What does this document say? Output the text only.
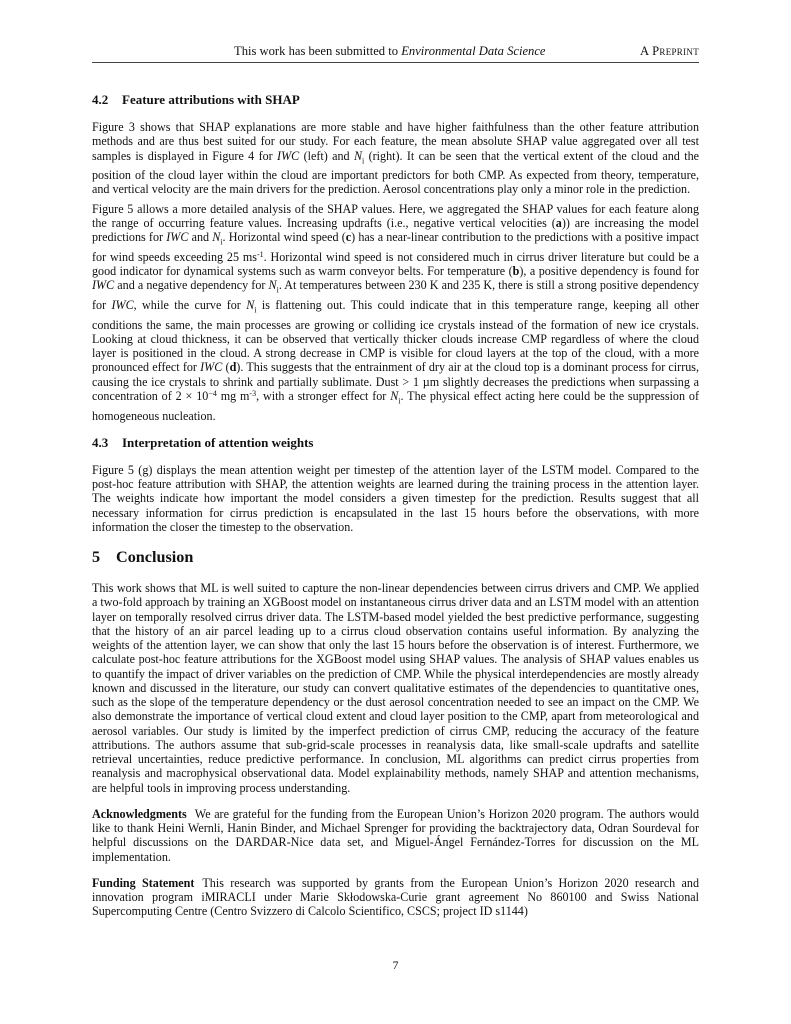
This work has been submitted to Environmental Data Science	A Preprint
4.2 Feature attributions with SHAP

Figure 3 shows that SHAP explanations are more stable and have higher faithfulness than the other feature attribution methods and are thus best suited for our study. For each feature, the mean absolute SHAP value aggregated over all test samples is displayed in Figure 4 for IWC (left) and $N_i$ (right). It can be seen that the vertical extent of the cloud and the position of the cloud layer within the cloud are important predictors for both CMP. As expected from theory, temperature, and vertical velocity are the main drivers for the prediction. Aerosol concentrations play only a minor role in the prediction.

Figure 5 allows a more detailed analysis of the SHAP values. Here, we aggregated the SHAP values for each feature along the range of occurring feature values. Increasing updrafts (i.e., negative vertical velocities (a)) are increasing the model predictions for IWC and $N_i$. Horizontal wind speed (c) has a near-linear contribution to the predictions with a positive impact for wind speeds exceeding 25 $ms^{-1}$. Horizontal wind speed is not considered much in cirrus driver literature but could be a good indicator for dynamical systems such as warm conveyor belts. For temperature (b), a positive dependency is found for IWC and a negative dependency for $N_i$. At temperatures between 230 K and 235 K, there is still a strong positive dependency for IWC, while the curve for $N_i$ is flattening out. This could indicate that in this temperature range, keeping all other conditions the same, the main processes are growing or colliding ice crystals instead of the formation of new ice crystals. Looking at cloud thickness, it can be observed that vertically thicker clouds increase CMP regardless of where the cloud layer is positioned in the cloud. A strong decrease in CMP is visible for cloud layers at the top of the cloud, with a more pronounced effect for IWC (d). This suggests that the entrainment of dry air at the cloud top is a dominant process for cirrus, causing the ice crystals to shrink and partially sublimate. Dust > 1 µm slightly decreases the predictions when surpassing a concentration of $2 \times 10^{-4}$ mg $m^{-3}$, with a stronger effect for $N_i$. The physical effect acting here could be the suppression of homogeneous nucleation.

4.3 Interpretation of attention weights

Figure 5 (g) displays the mean attention weight per timestep of the attention layer of the LSTM model. Compared to the post-hoc feature attribution with SHAP, the attention weights are learned during the training process in the attention layer. The weights indicate how important the model considers a given timestep for the prediction. Results suggest that all necessary information for cirrus prediction is encapsulated in the last 15 hours before the observations, with more information the closer the timestep to the observation.

5 Conclusion

This work shows that ML is well suited to capture the non-linear dependencies between cirrus drivers and CMP. We applied a two-fold approach by training an XGBoost model on instantaneous cirrus driver data and an LSTM model with an attention layer on temporally resolved cirrus driver data. The LSTM-based model yielded the best predictive performance, suggesting that the history of an air parcel leading up to a cirrus cloud observation contains useful information. By analyzing the weights of the attention layer, we can show that only the last 15 hours before the observation is of interest. Furthermore, we calculate post-hoc feature attributions for the XGBoost model using SHAP values. The analysis of SHAP values enables us to quantify the impact of driver variables on the prediction of CMP. While the physical interdependencies are mostly already known and discussed in the literature, our study can convert qualitative estimates of the dependencies to quantitative ones, such as the slope of the temperature dependency or the dust aerosol concentration needed to see an impact on the CMP. We also demonstrate the importance of vertical cloud extent and cloud layer position to the CMP, apart from meteorological and aerosol variables. Our study is limited by the imperfect prediction of cirrus CMP, reducing the accuracy of the feature attributions. The authors assume that sub-grid-scale processes in reanalysis data, like small-scale updrafts and satellite retrieval uncertainties, reduce predictive performance. In conclusion, ML algorithms can predict cirrus properties from reanalysis and macrophysical observational data. Model explainability methods, namely SHAP and attention mechanisms, are helpful tools in improving process understanding.

Acknowledgments We are grateful for the funding from the European Union’s Horizon 2020 program. The authors would like to thank Heini Wernli, Hanin Binder, and Michael Sprenger for providing the backtrajectory data, Odran Sourdeval for helpful discussions on the DARDAR-Nice data set, and Miguel-Ángel Fernández-Torres for discussion on the ML implementation.

Funding Statement This research was supported by grants from the European Union’s Horizon 2020 research and innovation program iMIRACLI under Marie Skłodowska-Curie grant agreement No 860100 and Swiss National Supercomputing Centre (Centro Svizzero di Calcolo Scientifico, CSCS; project ID s1144)

7
